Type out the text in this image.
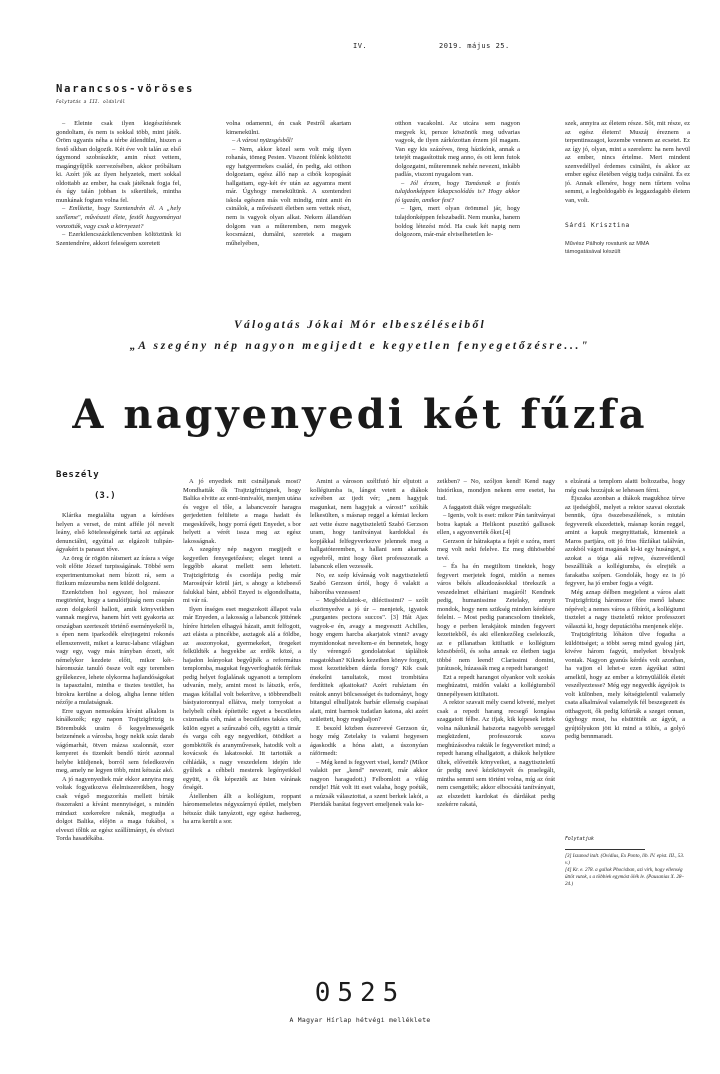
IV.	2019. május 25.
Narancsos-vöröses
Folytatás a III. oldalról

– Eleinte csak ilyen kiegészítésnek gondoltam, és nem is sokkal több, mint játék. Öröm ugyanis néha a térbe átlendülni, hiszen a festő síkban dolgozik. Két éve volt talán az első úgymond szobrászkör, amin részt vettem, magángyűjtők szervezésében, akkor próbáltam ki. Azért jók az ilyen helyzetek, mert sokkal oldottabb az ember, ha csak játéknak fogja fel, és úgy talán jobban is sikerültek, mintha munkának fogtam volna fel.

– Említette, hogy Szentendrén él. A „hely szelleme", művészeti élete, festői hagyományai vonzották, vagy csak a környezet?

– Ezerkilencszázkilencvenben költöztünk ki Szentendrére, akkori feleségem szeretett

volna odamenni, én csak Pestről akartam kimenekülni.

– A városi nyüzsgésből!

– Nem, akkor közel sem volt még ilyen rohanás, tömeg Pesten. Viszont fölénk költözött egy hatgyermekes család, én pedig, aki otthon dolgoztam, egész álló nap a cibók kopogását hallgattam, egy-két év után az agyamra ment már. Úgyhogy menekültünk. A szentendrei iskola egészen más volt mindig, mint amit én csinálok, a művészeti életben sem vettek részt, nem is vagyok olyan alkat. Nekem állandóan dolgom van a műteremben, nem megyek kocsmázni, dumálni, szeretek a magam műhelyében,

otthon vacakolni. Az utcára sem nagyon megyek ki, persze köszönök meg udvarias vagyok, de ilyen zárkózottan érzem jól magam. Van egy kis százéves, öreg házikónk, annak a tetejét magasítottuk meg anno, és ott lenn futok dolgozgatni, műteremnek nehéz nevezni, inkább padlás, viszont nyugalom van.

– Jól érzem, hogy Tamásnak a festés tulajdonképpen kikapcsolódás is? Hogy akkor jó igazán, amikor fest?

– Igen, mert olyan örömmel jár, hogy tulajdonképpen felszabadít. Nem munka, hanem boldog létezési mód. Ha csak két napig nem dolgozom, már-már elviselhetetlen le-

szek, annyira az életem része. Sőt, mit része, ez az egész életem! Muszáj éreznem a terpentinszagot, kezembe vennem az ecsetet. Ez az így jó, olyan, mint a szerelem: ha nem hevül az ember, nincs értelme. Mert mindent szenvedéllyel érdemes csinálni, és akkor az ember egész életében végig tudja csinálni. És ez jó. Annak ellenére, hogy nem tűrtem volna semmi, a legboldogabb és leggazdagabb életem van, volt.

Sárdi Krisztina
Művész Pálhoły rovatunk az MMA támogatásával készült
Válogatás Jókai Mór elbeszéléseiből
„A szegény nép nagyon megijedt e kegyetlen fenyegetőzésre..."
A nagyenyedi két fűzfa
Beszély
(3.)

Klárika megtalálta ugyan a kérdéses helyen a verset, de mint afféle jól nevelt leány, első kötelességének tartá az apjának denunciálni, egyúttal az elgázolt tulipán-ágyakért is panaszt tőve.

Az öreg úr rögtön ráismert az írásra s vége volt előtte József turpisságának. Többé sem experimentumokat nem bízott rá, sem a fizikum múzeumba nem küldé dolgozni.

Ezenközben hol egyszer, hol másszor megtörtént, hogy a tanulóifjúság nem csupán azon dolgokról hallott, amik könyveikben vannak megírva, hanem hírt vett gyakorta az országban szerteszét történő eseményekről is, s épen nem iparkodék elrejtegetni rokonés ellenszenveit, miket a kuruc-labanc világban vagy egy, vagy más irányban érzett, sőt némelykor kezdete előtt, mikor két–háromszáz tanuló össze volt egy teremben gyűlekezve, lehete olykorma hajlandóságokat is tapasztalni, mintha e tisztes testület, ha birokra kerülne a dolog, aligha lenne tétlen nézője a mulatságnak.

Erre ugyan nemsokára kívánt alkalom is kínálkozék; egy napon Trajtzigfritzig is Börembukk uraim ő kegyelmességeik beizenének a városba, hogy nekik száz darab vágómarhát, ötven mázsa szalonnát, ezer kenyeret és tizenkét bendő túrót azonnal helybe küldjenek, borról sem feledkezvén meg, amely ne legyen több, mint kétszáz akó.

A jó nagyenyediek már ekkor annyira meg voltak fogyatkozva élelmiszereikben, hogy csak végső megszorítás mellett bírták összerakni a kívánt mennyiséget, s mindén mindazt szekerekre raknák, megtudja a dolgot Balika, előjön a maga fukábol, s elveszi tőlük az egész szállítmányt, és elviszi Torda hasadékába.

A jó enyediek mit csináljanak most? Mondhatták ők Trajtzigfritzignek, hogy Balika elvitte az enni-innivalót, menjen utána és vegye el tőle, a labancvezér haragra gerjedetten felültete a maga hadait és megeskűvék, hogy porrá égeti Enyedet, s bor helyett a vérét issza meg az egész lakosságnak.

A szegény nép nagyon megijedt e kegyetlen fenyegetőzésre; eleget tenni a leggőbb akarat mellett sem lehetett. Trajtzigfritzig és csordája pedig már Marosújvár körül járt, s ahogy a közbeeső falukkal bánt, abból Enyed is elgondolhatta, mi vár rá.

Ilyen ínséges eset megszokott állapot vala már Enyeden, a lakosság a labancok jöttének hírére hirtelen elhagyá házait, amit felfogott, azt elásta a pincékbe, asztagok alá a földbe, az asszonyokat, gyermekeket, öregeket felküldték a hegyekbe az erdők közé, a hajadon leányokat begyűjték a református templomba, magukat fegyverfoghatók férfiak pedig helyet foglalának ugyanott a templom udvarán, mely, amint most is látszik, erős, magas kőfallal volt bekerítve, s többrendbeli bástyatoronnyal ellátva, mely tornyokat a helybeli céhek építették: egyet a becsületes csizmadia céh, mást a becsületes takács céh, külön egyet a szűrszabó céh, együtt a timár és varga céh egy negyediket, ötödiket a gombkötők és aranyművesek, hatodik volt a kovácsok és lakatosoké. Itt tartották a céhládák, s nagy veszedelem idején ide gyűltek a céhbeli mesterek legényeikkel együtt, s ők képezték az Isten várának őrségét.

Átellenben állt a kollégium, roppant háromemeletes négyszárnyú épület, melyben hétszáz diák tanyázott, egy egész hadsereg, ha arra került a sor.

Amint a városon széltfutó hír eljutott a kollégiumba is, lángot vetett a diákok szívében az ijedt vér; „nem hagyjuk magunkat, nem hagyjuk a várost!" szólták lelkesülten, s másnap reggel a kémiai lecken azt vette észre nagytiszteletű Szabó Gerzson uram, hogy tanítványai kardokkal és kopjákkal felfegyverkezve jelennek meg a hallgatóteremben, s hallani sem akarnak egyebről, mint hogy őket professzoraik a labancok ellen vezessék.

No, ez szép kívánság volt nagytiszteletű Szabó Gerzson úrtól, hogy ő valakit a háborúba vezessen!

– Megbódulatok-e, diléctissimi? – szólt elszörnyedve a jó úr – menjetek, igyatok „purgantes pectora succos". [3] Hát Ajax vagyok-e én, avagy a megvesztt Achilles, hogy engem harcba akarjatok vinni? avagy mymidonokat neveltem-e én bennetek, hogy ily vérengző gondolatokat tápláltok magatokban? Kiknek kezeiben könyv forgott, most kezeitekben dárda forog? Kik csak énekelni tanultatok, most trombitára ferdítitek ajkaitokat? Azért ruháztam én reátok annyi bölcsességet és tudományt, hogy bitangul elhulljatok barbár ellenség csapásai alatt, mint barmok tudatlan katona, aki azért születtett, hogy meghaljon?

E beszéd közben észrevevé Gerzson úr, hogy még Zetelaky is valami hegyesen ágaskodik a hóna alatt, a úszonyúan ráförmedt:

– Még kend is fegyvert visel, kend? (Mikor valakit per „kend" nevezett, már akkor nagyon haragudott.) Felbomlott a világ rendje! Hát volt itt eset valaha, hogy poéták, a múzsák választottai, a szent berkek lakói, a Pieridák barátai fegyvert emeljenek vala ke-

zeikben? – No, szóljon kend! Kend nagy histórikus, mondjon nekem erre esetet, ha tud.

A faggatott diák végre megszólalt:

– Igenis, volt is eset: mikor Pán tanítványai botra kaptak a Helikont pusztító gallusok ellen, s agyonverték őket.[4]

Gerzson úr hátrakapta a fejét e szóra, mert meg volt neki felelve. Ez meg dühösebbé tevé.

– És ha én megtiltom tinektek, hogy fegyvert merjetek fogni, midőn a nemes város békés alkudozásokkal törekszik a veszedelmet elhárítani magáról! Kendnek pedig, humanissime Zetelaky, annyit mondok, hogy nem szükség minden kérdésre felelni. – Most pedig parancsolom tinektek, hogy e perben lerakjátok minden fegyvert kezeitekből, és aki ellenkezőleg cselekszik, az e pillanatban kitiltatik e kollégium közsöbéről, és soha annak ez életben tagja többé nem leend! Clarissimi domini, jurátusok, húzassák meg a repedt harangot!

Ezt a repedt harangot olyankor volt szokás meghúzatni, midőn valaki a kollégiumból ünnepélyesen kitiltatott.

A rektor szavait mély csend követé, melyet csak a repedt harang recsegő kongása szaggatott félbe. Az ifjak, kik képesek lettek volna nálunknál hatszorta nagyobb sereggel megküzdeni, professzoruk szava meghúzásodva rakták le fegyvereiket mind; a repedt harang elhallgatott, a diákok helyükre ültek, elővették könyveiket, a nagytiszteletű úr pedig nevé kézikönyvét és praelegált, mintha semmi sem történt volna, míg az órát nem csengették; akkor elbocsátá tanítványait, az elszedett kardokat és dárdákat pedig szekérre rakatá,

s elzáratá a templom alatti boltozatba, hogy még csak hozzájuk se lehessen férni.

Éjszaka azonban a diákok magukhoz térve az ijedségből, melyet a rektor szavai okoztak bennük, újra összebeszélének, s miután fegyvereik elszedettek, másnap korán reggel, amint a kapuk megnyittattak, kimentek a Maros partjára, ott jó friss fűzfákat találván, azokból vágott magának ki-ki egy husángot, s azokat a tóga alá rejtve, észrevétlenül beszállíták a kollégiumba, és elrejték a farakatba szépen. Gondolák, hogy ez is jó fegyver, ha jó ember fogja a végit.

Még aznap délben megjelent a város alatt Trajtzigfritzig háromezer főre menő labanc népével; a nemes város a főbírót, a kollégiumi tisztelet a nagy tiszteletű rektor professzort választá ki, hogy deputációba menjenek eléje.

Trajtzigfritzig lóháton ülve fogadta a küldöttséget; a többi sereg mind gyalog járt, kivéve három fagyút, melyeket bivalyok vontak. Nagyon gyanús kérdés volt azonban, ha vajjon el lehet-e ezen ágyúkat sütni amelkül, hogy az ember a környülállók életét veszélyeztesse? Még egy negyedik ágyújok is volt különben, mely kétségtelenül valamely csata alkalmával valamelyik fél beszegezett és otthagyott, ők pedig kifúrták a szeget onnan, úgyhogy most, ha elsütötték az ágyút, a gyújtólyukon jött ki mind a töltés, a golyó pedig bennmaradt.

Folytatjuk

[3] Iszanod italt. (Ovidius, Ex Ponto, lib. IV. epist. III., 53. v.)

[4] Kr. e. 278. a gallok Phocisban, azi virk, hogy ellenség üttöt vutok, s a többiek egymást ölék le. (Pausanias X. 28–24.)

0525
A Magyar Hírlap hétvégi melléklete
